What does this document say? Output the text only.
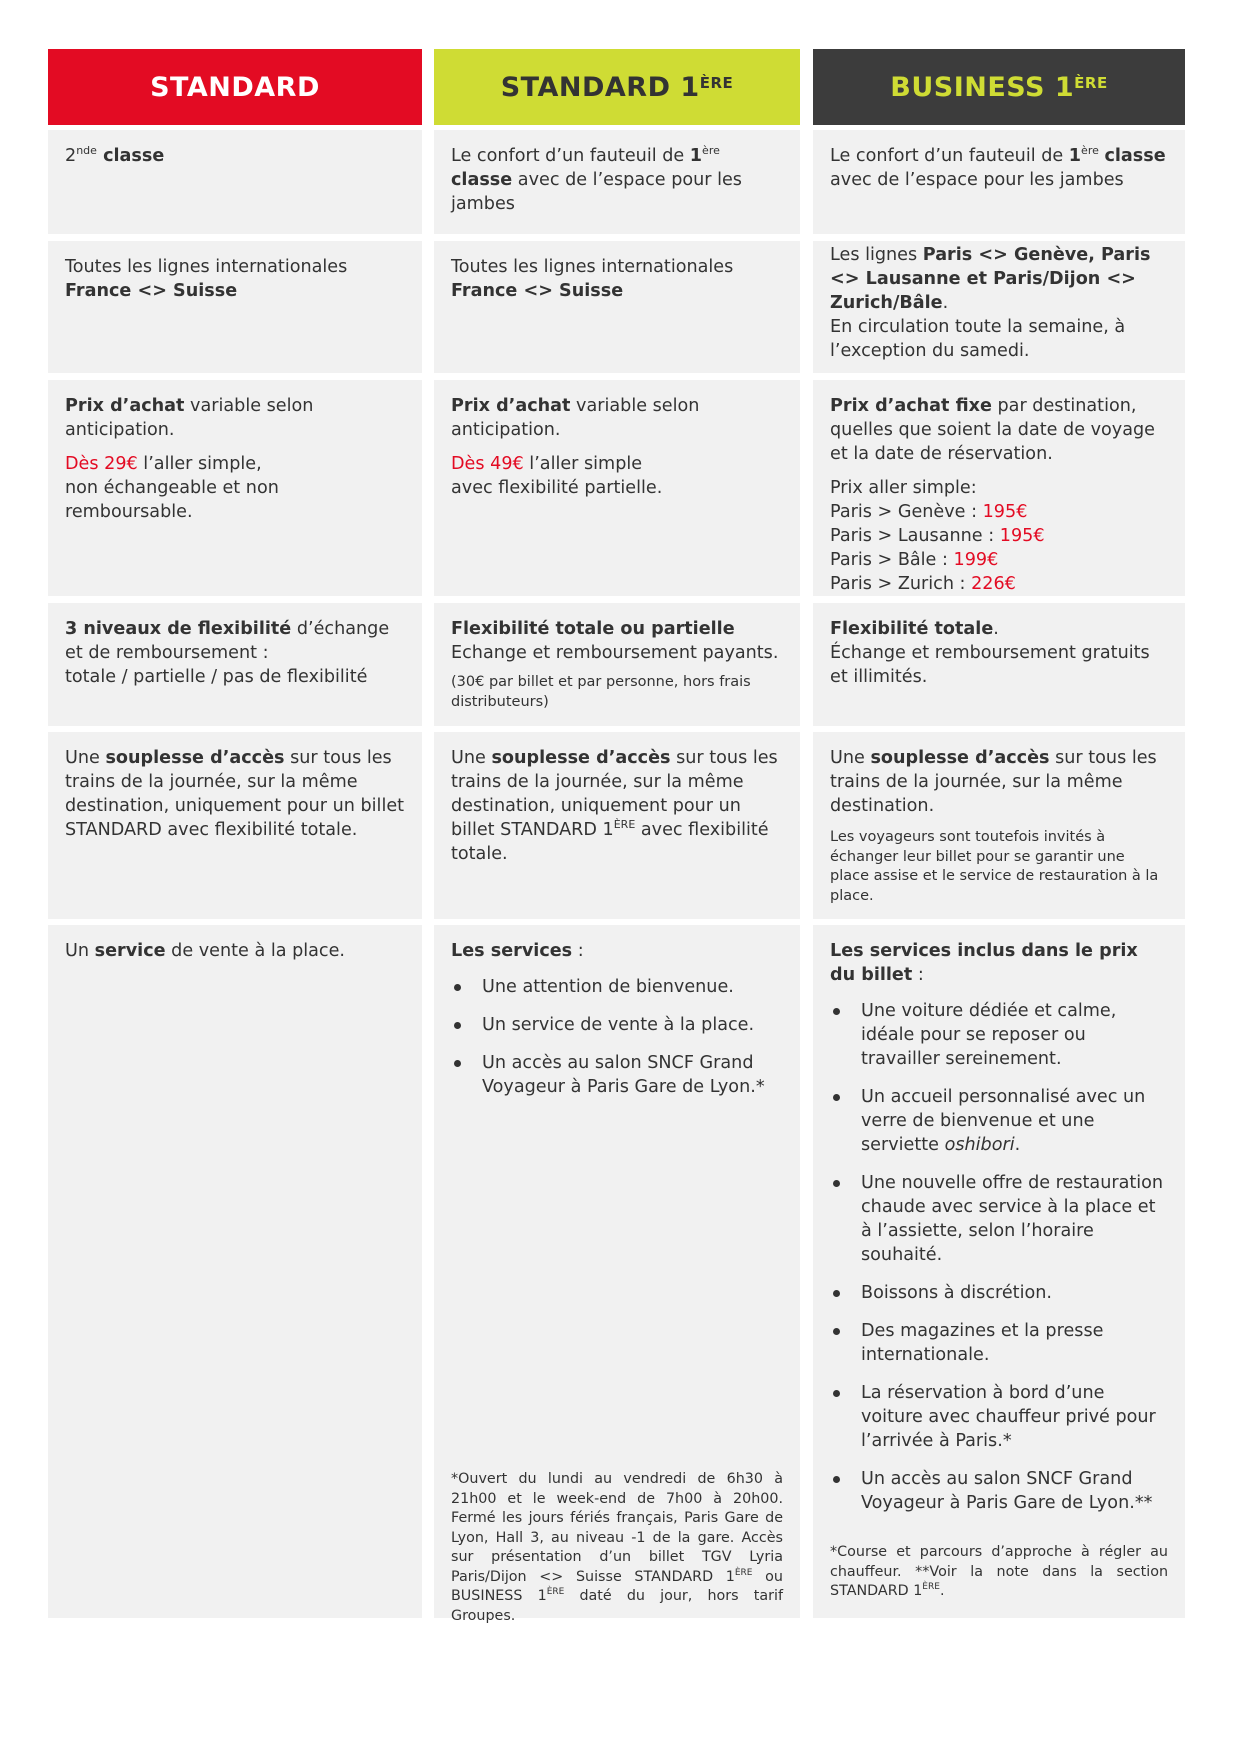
STANDARD

2nde classe

Toutes les lignes internationales

France <> Suisse

Prix d’achat variable selon anticipation.

Dès 29€ l’aller simple,

non échangeable et non remboursable.

3 niveaux de flexibilité d’échange et de remboursement :

totale / partielle / pas de flexibilité

Une souplesse d’accès sur tous les trains de la journée, sur la même destination, uniquement pour un billet STANDARD avec flexibilité totale.

Un service de vente à la place.

STANDARD 1ÈRE

Le confort d’un fauteuil de 1ère classe avec de l’espace pour les jambes

Toutes les lignes internationales

France <> Suisse

Prix d’achat variable selon anticipation.

Dès 49€ l’aller simple

avec flexibilité partielle.

Flexibilité totale ou partielle

Echange et remboursement payants.

(30€ par billet et par personne, hors frais distributeurs)

Une souplesse d’accès sur tous les trains de la journée, sur la même destination, uniquement pour un billet STANDARD 1ÈRE avec flexibilité totale.

Les services :

Une attention de bienvenue.
Un service de vente à la place.
Un accès au salon SNCF Grand Voyageur à Paris Gare de Lyon.*

*Ouvert du lundi au vendredi de 6h30 à 21h00 et le week-end de 7h00 à 20h00. Fermé les jours fériés français, Paris Gare de Lyon, Hall 3, au niveau -1 de la gare. Accès sur présentation d’un billet TGV Lyria Paris/Dijon <> Suisse STANDARD 1ÈRE ou BUSINESS 1ÈRE daté du jour, hors tarif Groupes.

BUSINESS 1ÈRE

Le confort d’un fauteuil de 1ère classe avec de l’espace pour les jambes

Les lignes Paris <> Genève, Paris <> Lausanne et Paris/Dijon <> Zurich/Bâle.

En circulation toute la semaine, à l’exception du samedi.

Prix d’achat fixe par destination, quelles que soient la date de voyage et la date de réservation.

Prix aller simple:

Paris > Genève : 195€

Paris > Lausanne : 195€

Paris > Bâle : 199€

Paris > Zurich : 226€

Flexibilité totale.

Échange et remboursement gratuits et illimités.

Une souplesse d’accès sur tous les trains de la journée, sur la même destination.

Les voyageurs sont toutefois invités à échanger leur billet pour se garantir une place assise et le service de restauration à la place.

Les services inclus dans le prix du billet :

Une voiture dédiée et calme, idéale pour se reposer ou travailler sereinement.
Un accueil personnalisé avec un verre de bienvenue et une serviette oshibori.
Une nouvelle offre de restauration chaude avec service à la place et à l’assiette, selon l’horaire souhaité.
Boissons à discrétion.
Des magazines et la presse internationale.
La réservation à bord d’une voiture avec chauffeur privé pour l’arrivée à Paris.*
Un accès au salon SNCF Grand Voyageur à Paris Gare de Lyon.**

*Course et parcours d’approche à régler au chauffeur. **Voir la note dans la section STANDARD 1ÈRE.
